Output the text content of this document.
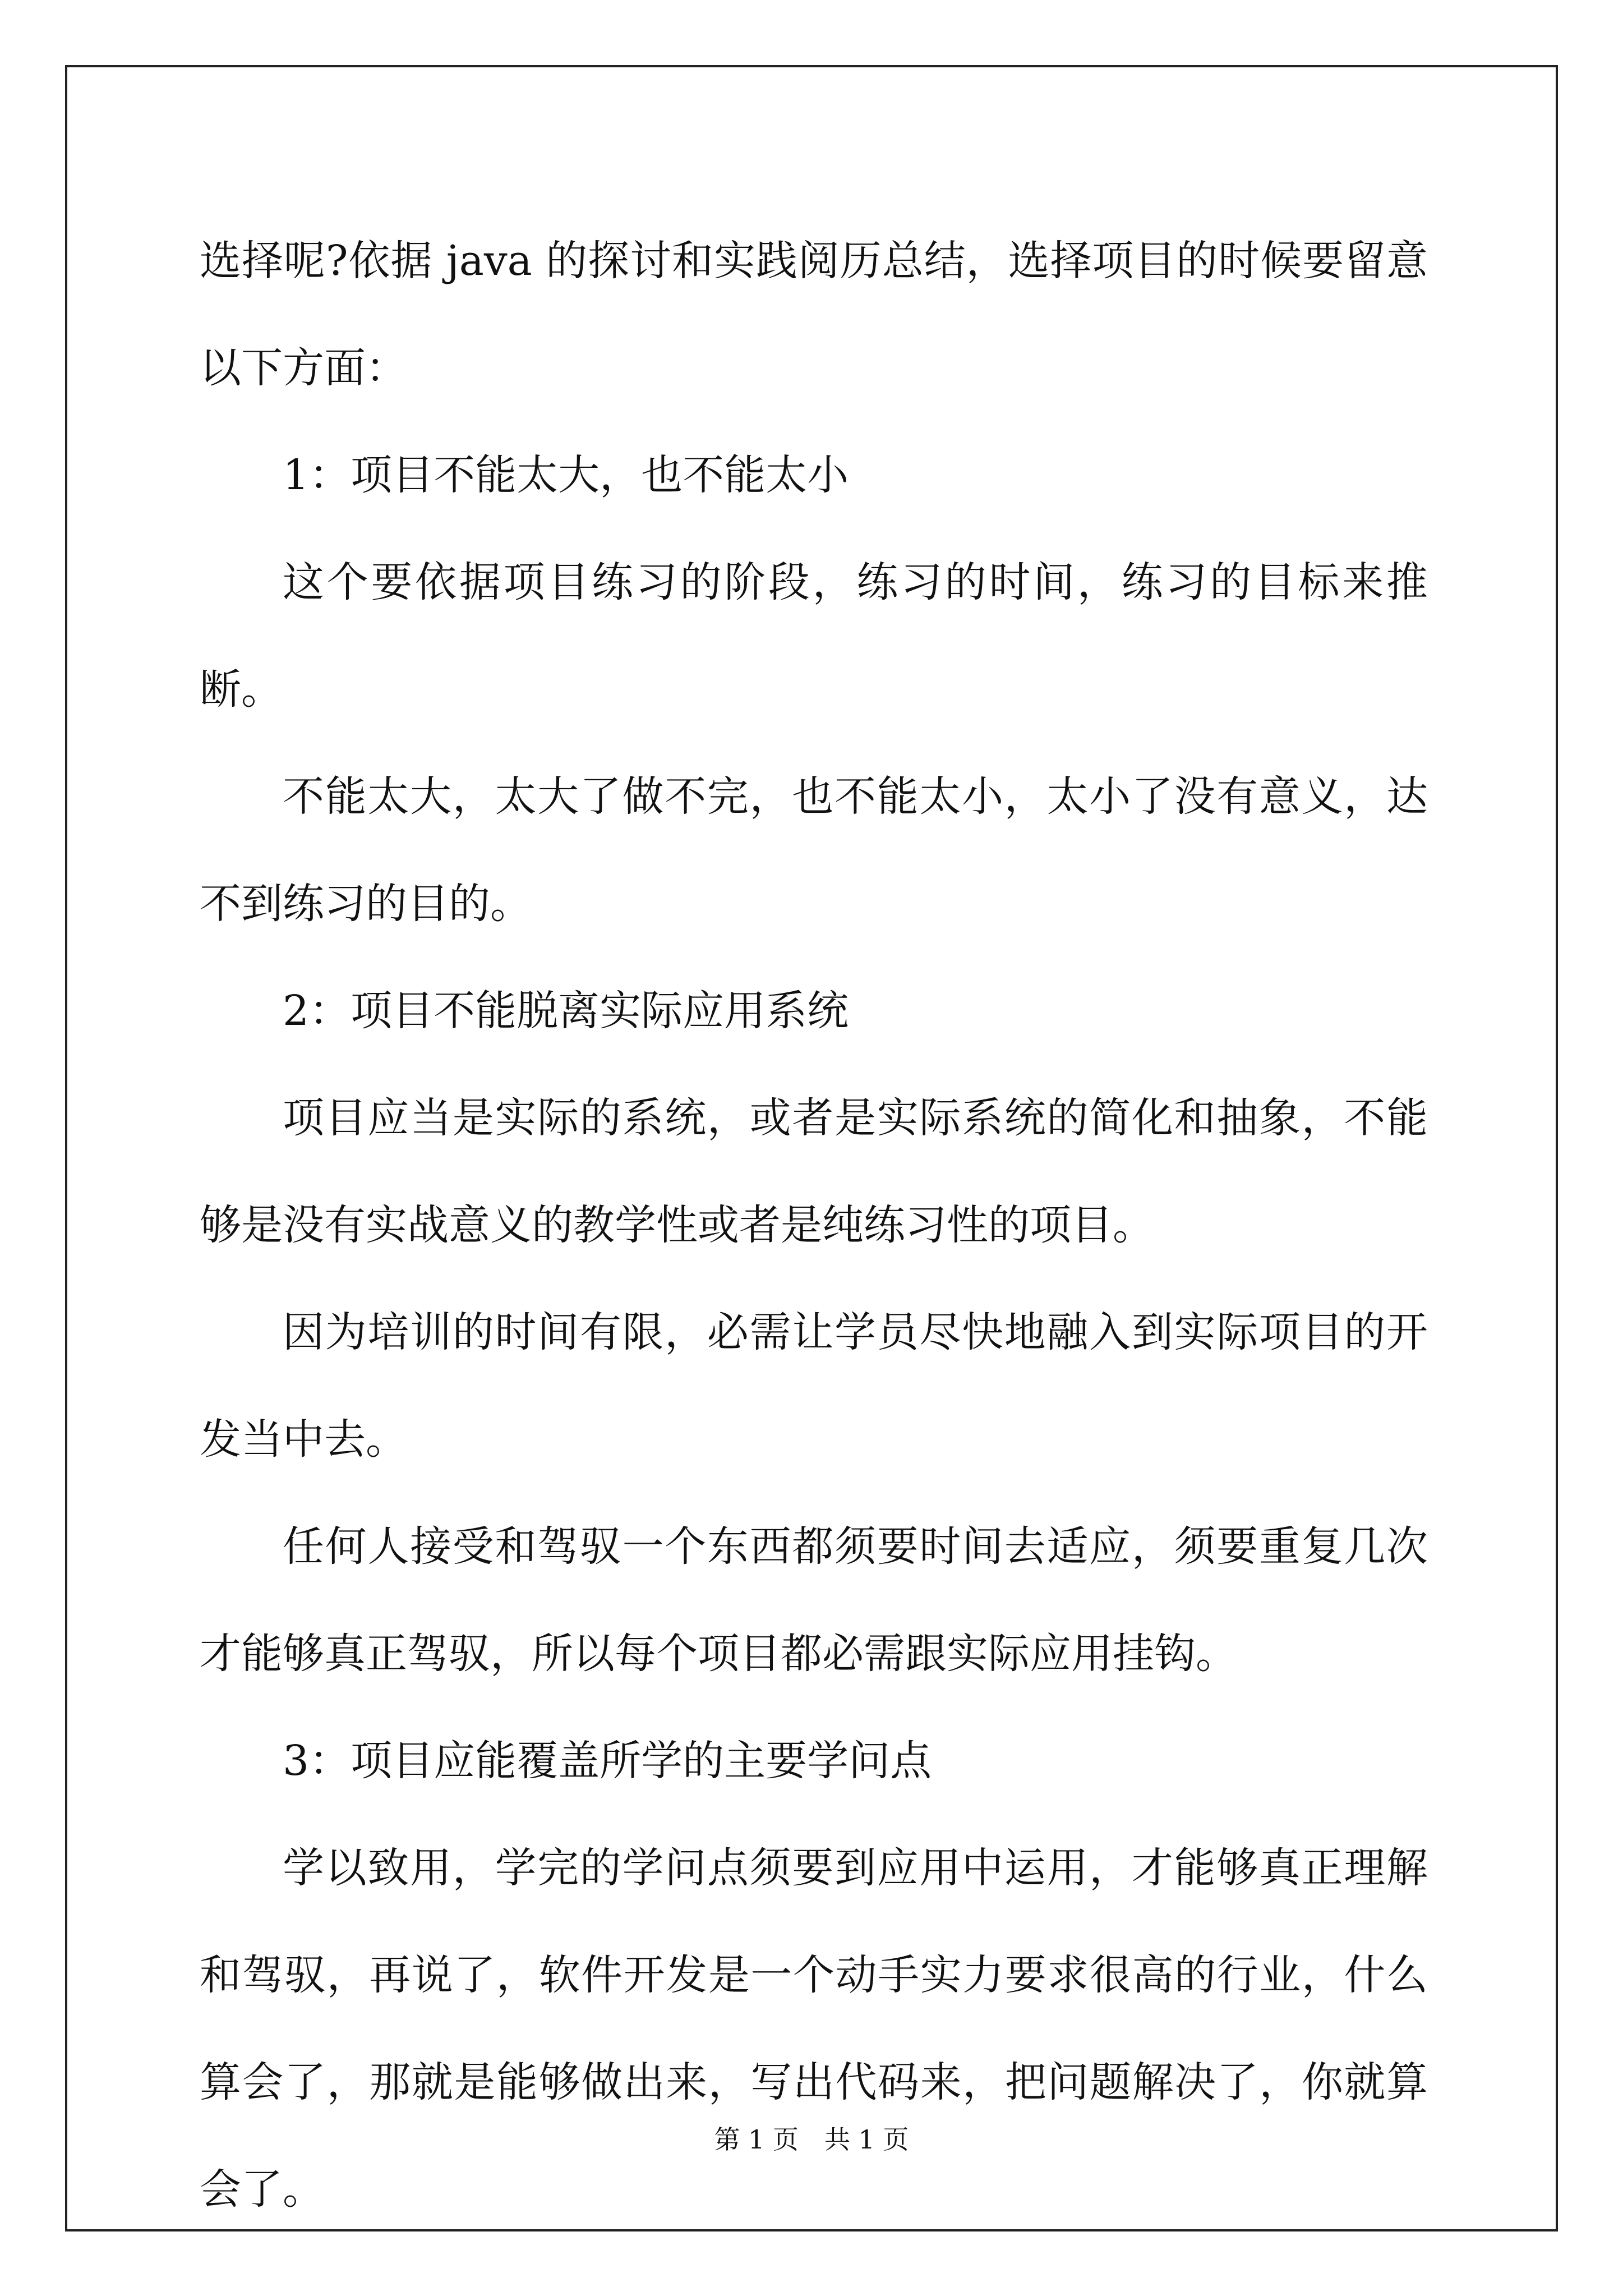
选择呢?依据 java 的探讨和实践阅历总结，选择项目的时候要留意以下方面：

1：项目不能太大，也不能太小

这个要依据项目练习的阶段，练习的时间，练习的目标来推断。

不能太大，太大了做不完，也不能太小，太小了没有意义，达不到练习的目的。

2：项目不能脱离实际应用系统

项目应当是实际的系统，或者是实际系统的简化和抽象，不能够是没有实战意义的教学性或者是纯练习性的项目。

因为培训的时间有限，必需让学员尽快地融入到实际项目的开发当中去。

任何人接受和驾驭一个东西都须要时间去适应，须要重复几次才能够真正驾驭，所以每个项目都必需跟实际应用挂钩。

3：项目应能覆盖所学的主要学问点

学以致用，学完的学问点须要到应用中运用，才能够真正理解和驾驭，再说了，软件开发是一个动手实力要求很高的行业，什么算会了，那就是能够做出来，写出代码来，把问题解决了，你就算会了。

第 1 页　共 1 页
